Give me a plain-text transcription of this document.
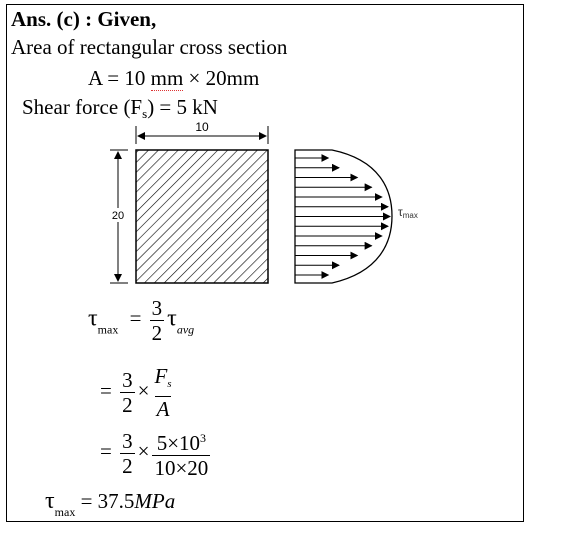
Ans. (c) : Given,
Area of rectangular cross section
A = 10 mm × 20mm
Shear force $(F_s) = 5$ kN
10
20	τmax
$\tau_{max} = \frac{3}{2} \tau_{avg}$
= $\frac{3}{2} \times \frac{Fs}{A}$
= $\frac{3}{2} \times \frac{5\times 10^3}{10\times 20}$
$\tau_{max} = 37.5MPa$
